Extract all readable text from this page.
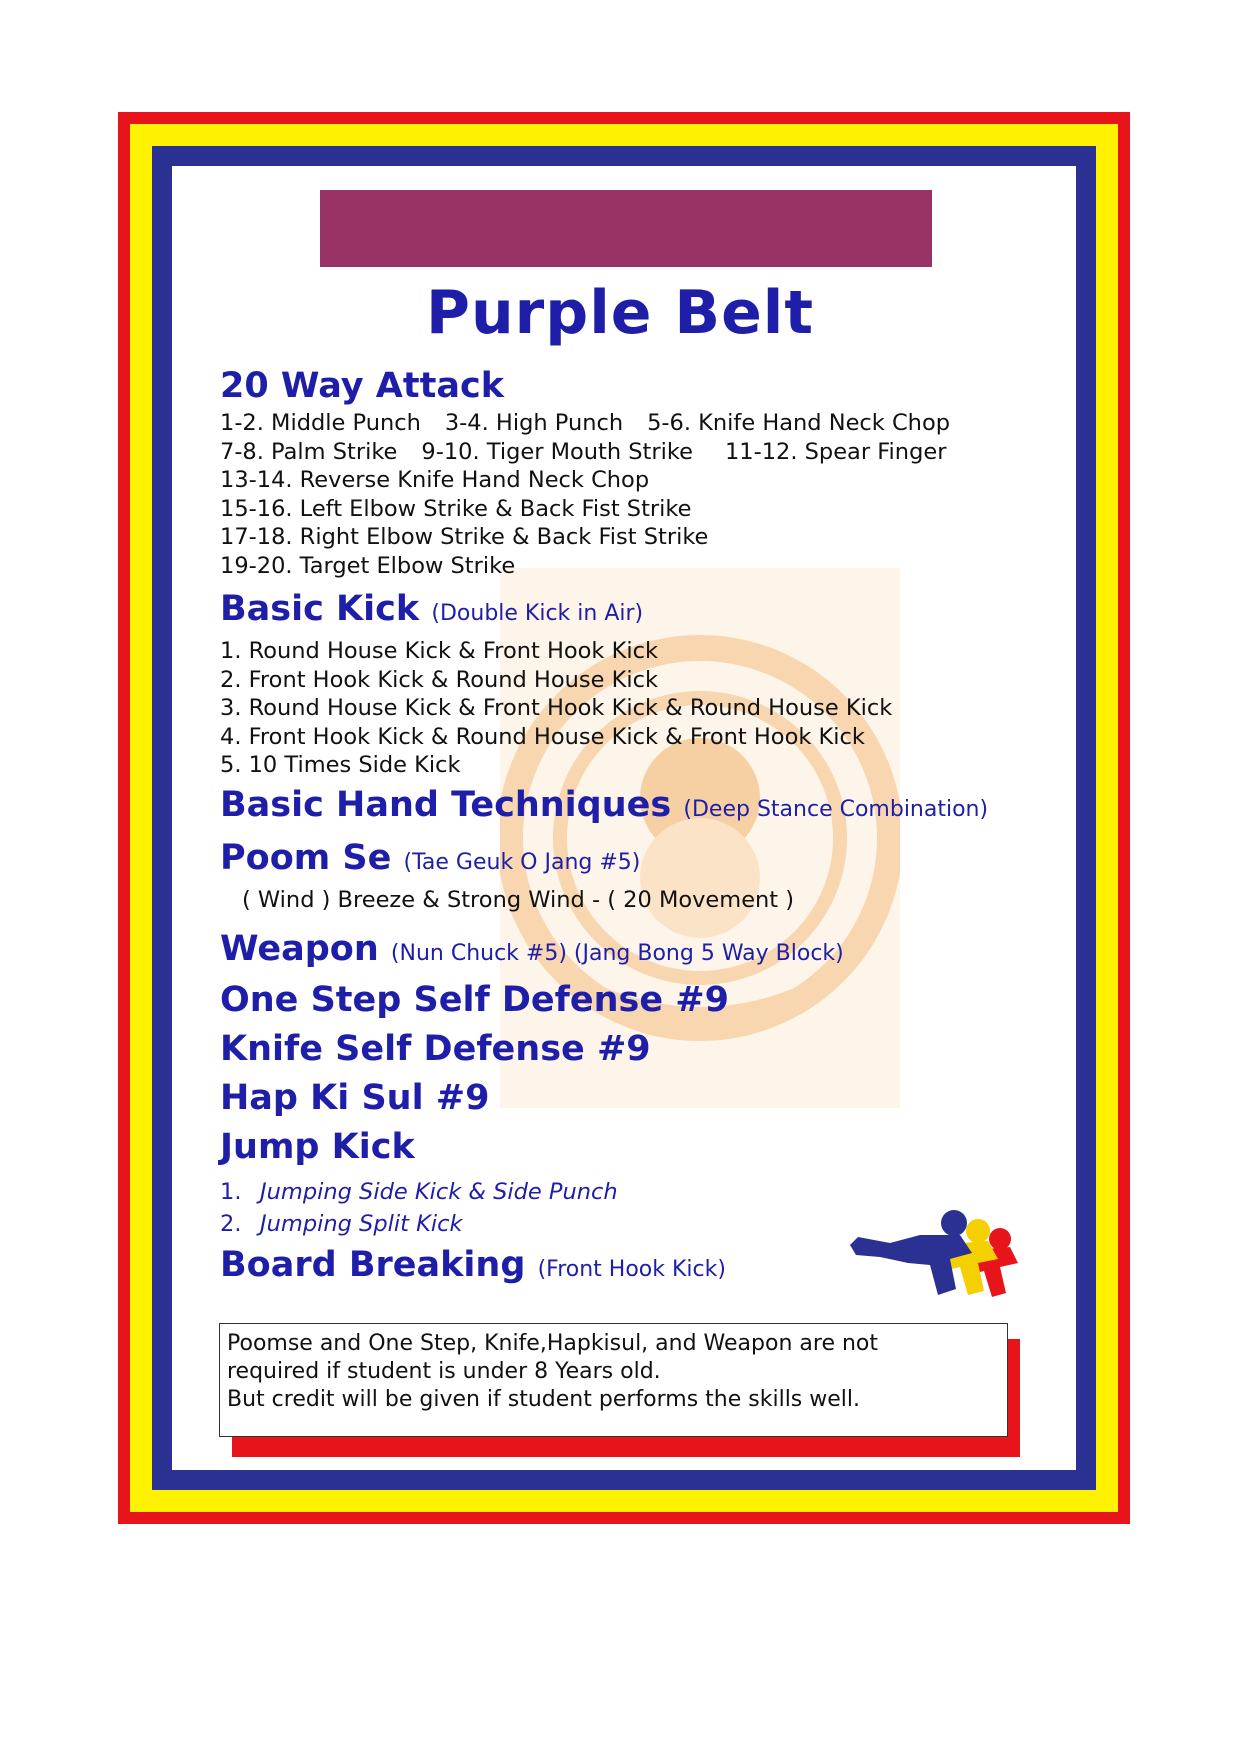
Purple Belt
20 Way Attack
1-2. Middle Punch 3-4. High Punch 5-6. Knife Hand Neck Chop
7-8. Palm Strike 9-10. Tiger Mouth Strike 11-12. Spear Finger
13-14. Reverse Knife Hand Neck Chop
15-16. Left Elbow Strike & Back Fist Strike
17-18. Right Elbow Strike & Back Fist Strike
19-20. Target Elbow Strike
Basic Kick (Double Kick in Air)
1. Round House Kick & Front Hook Kick
2. Front Hook Kick & Round House Kick
3. Round House Kick & Front Hook Kick & Round House Kick
4. Front Hook Kick & Round House Kick & Front Hook Kick
5. 10 Times Side Kick
Basic Hand Techniques (Deep Stance Combination)
Poom Se (Tae Geuk O Jang #5)
( Wind ) Breeze & Strong Wind - ( 20 Movement )
Weapon (Nun Chuck #5) (Jang Bong 5 Way Block)
One Step Self Defense #9
Knife Self Defense #9
Hap Ki Sul #9
Jump Kick
1. Jumping Side Kick & Side Punch
2. Jumping Split Kick
Board Breaking (Front Hook Kick)
Poomse and One Step, Knife,Hapkisul, and Weapon are not
required if student is under 8 Years old.
But credit will be given if student performs the skills well.
